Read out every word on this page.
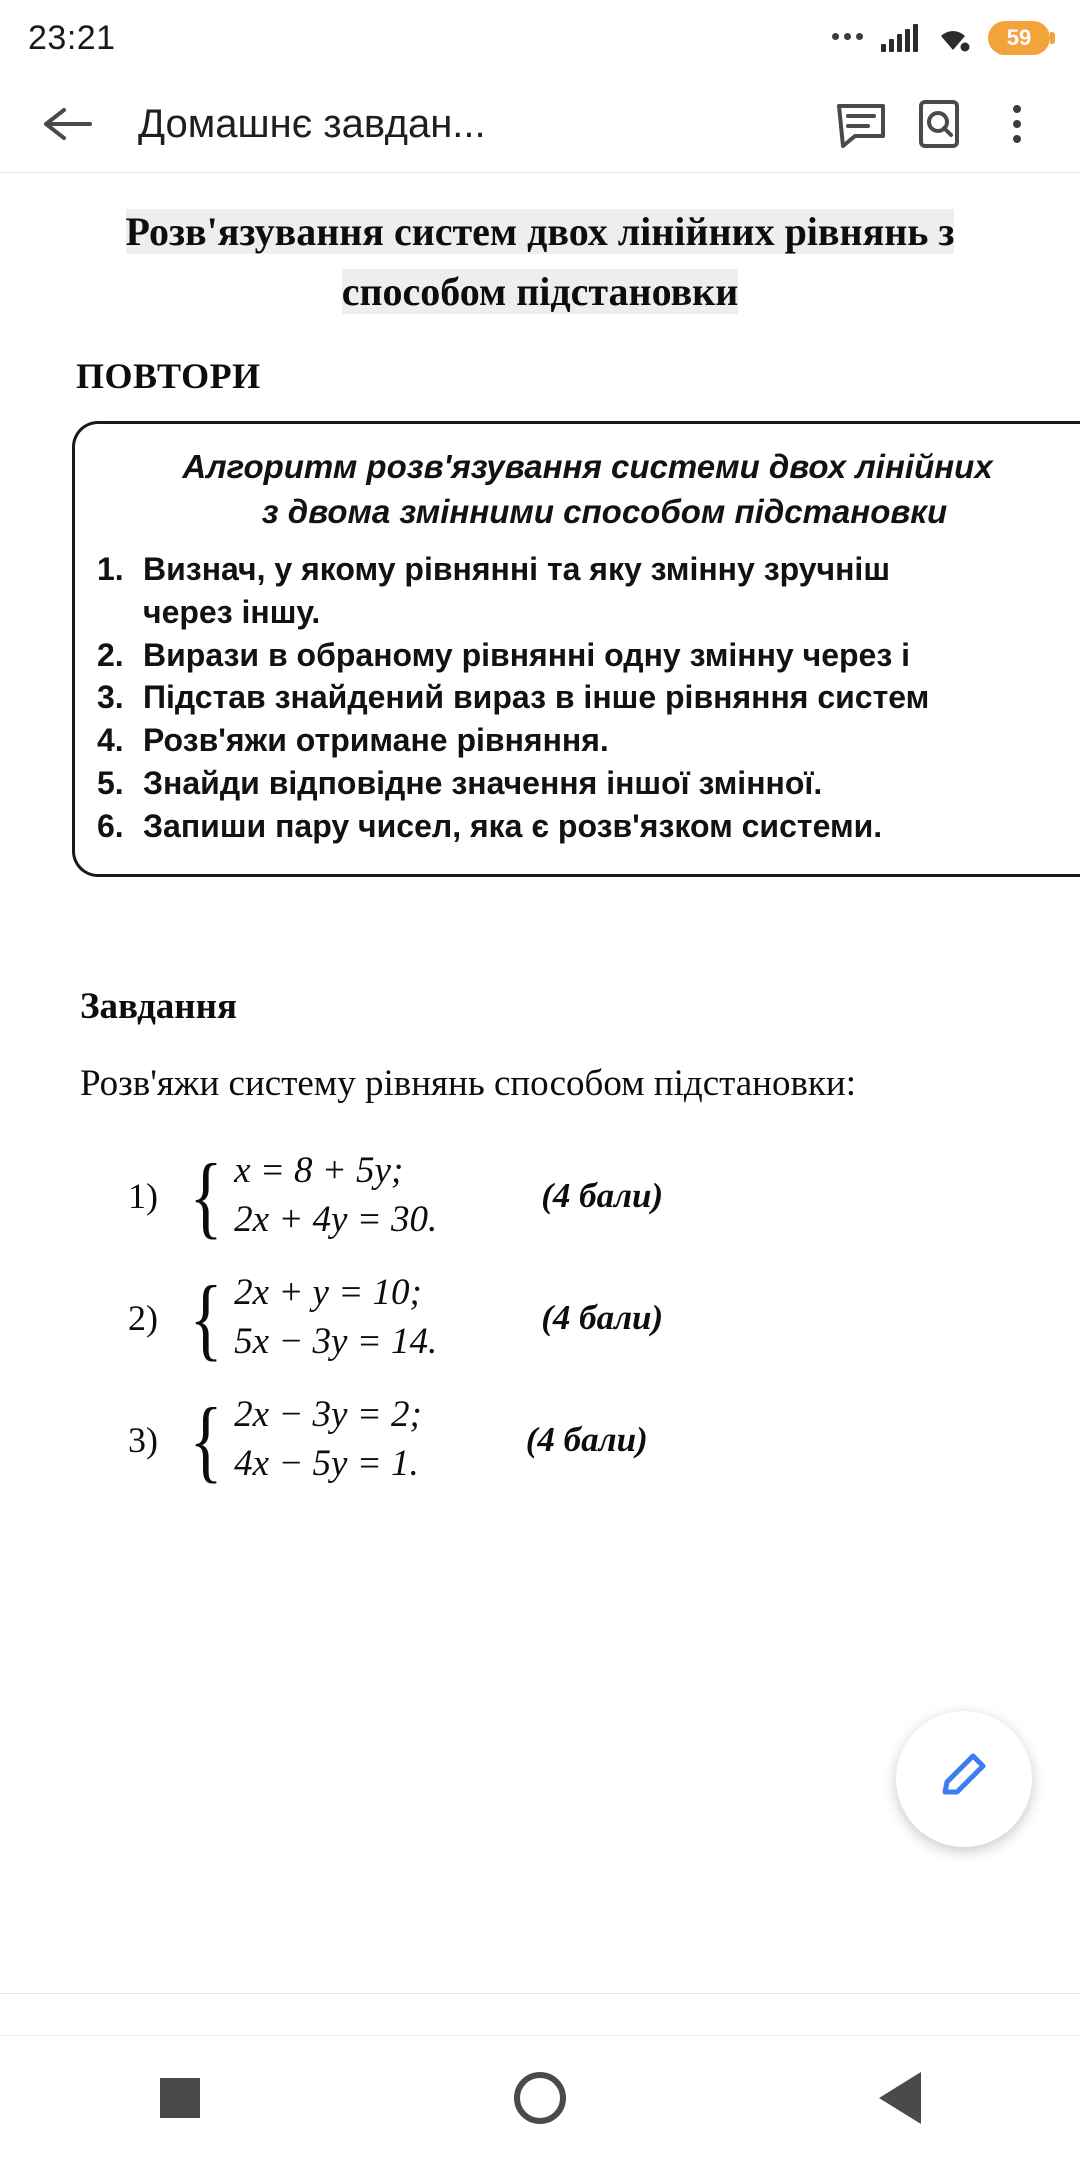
23:21	59
Домашнє завдан...
Розв'язування систем двох лінійних рівнянь з
способом підстановки
ПОВТОРИ
Алгоритм розв'язування системи двох лінійних
з двома змінними способом підстановки
1. Визнач, у якому рівнянні та яку змінну зручніш
через іншу.
2. Вирази в обраному рівнянні одну змінну через і
3. Підстав знайдений вираз в інше рівняння систем
4. Розв'яжи отримане рівняння.
5. Знайди відповідне значення іншої змінної.
6. Запиши пару чисел, яка є розв'язком системи.
Завдання
Розв'яжи систему рівнянь способом підстановки:
1) { x = 8 + 5y;
2x + 4y = 30.
(4 бали)
2) { 2x + y = 10;
5x − 3y = 14.
(4 бали)
3) { 2x − 3y = 2;
4x − 5y = 1.
(4 бали)
